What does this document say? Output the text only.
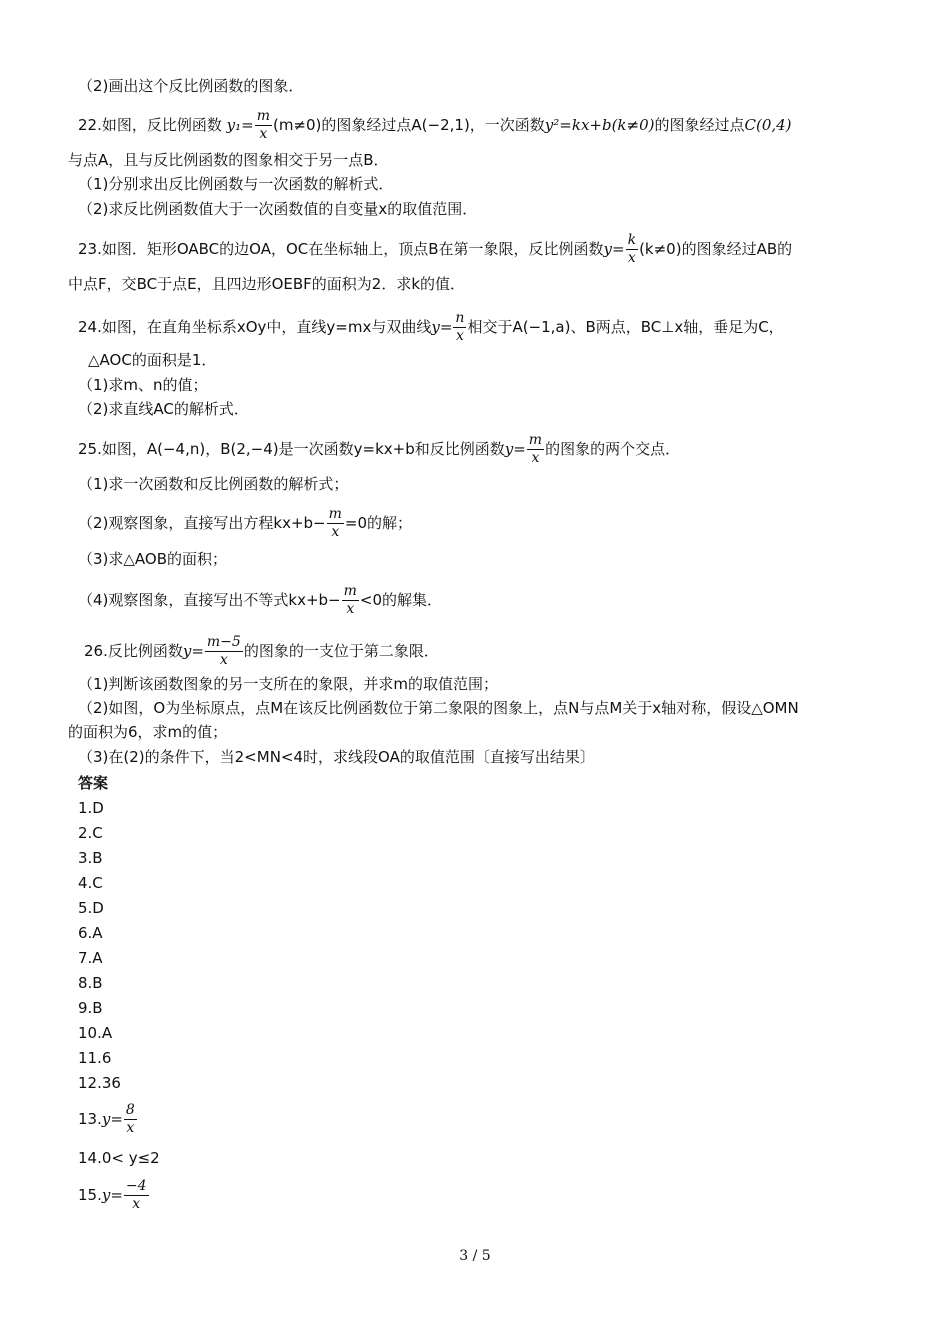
（2)画出这个反比例函数的图象．
22.如图，反比例函数 $y_1= \frac{m}{x} (m\ne 0)$的图象经过点A(−2,1)，一次函数y²=kx+b(k≠0)的图象经过点C(0,4)
与点A，且与反比例函数的图象相交于另一点B．
（1)分别求出反比例函数与一次函数的解析式．
（2)求反比例函数值大于一次函数值的自变量x的取值范围．
23.如图．矩形OABC的边OA，OC在坐标轴上，顶点B在第一象限，反比例函数$y= \frac{k}{x} (k\ne 0)$的图象经过AB的
中点F，交BC于点E，且四边形OEBF的面积为2．求k的值．
24.如图，在直角坐标系xOy中，直线y=mx与双曲线$y= \frac{n}{x}$ 相交于A(−1,a)、B两点，BC⊥x轴，垂足为C，
△AOC的面积是1．
（1)求m、n的值；
（2)求直线AC的解析式．
25.如图，A(−4,n)，B(2,−4)是一次函数y=kx+b和反比例函数$y= \frac{m}{x}$ 的图象的两个交点．
（1)求一次函数和反比例函数的解析式；
（2)观察图象，直接写出方程$kx+b- \frac{m}{x} =0$的解；
（3)求△AOB的面积；
（4)观察图象，直接写出不等式$kx+b- \frac{m}{x} <0$的解集．
26.反比例函数$y= \frac{m-5}{x}$ 的图象的一支位于第二象限．
（1)判断该函数图象的另一支所在的象限，并求m的取值范围；
（2)如图，O为坐标原点，点M在该反比例函数位于第二象限的图象上，点N与点M关于x轴对称，假设△OMN
的面积为6，求m的值；
（3)在(2)的条件下，当2<MN<4时，求线段OA的取值范围〔直接写出结果〕
答案
1.D
2.C
3.B
4.C
5.D
6.A
7.A
8.B
9.B
10.A
11.6
12.36
$13.y= \frac{8}{x}$
14.0< y≤2
$15.y= \frac{-4}{x}$
3 / 5
